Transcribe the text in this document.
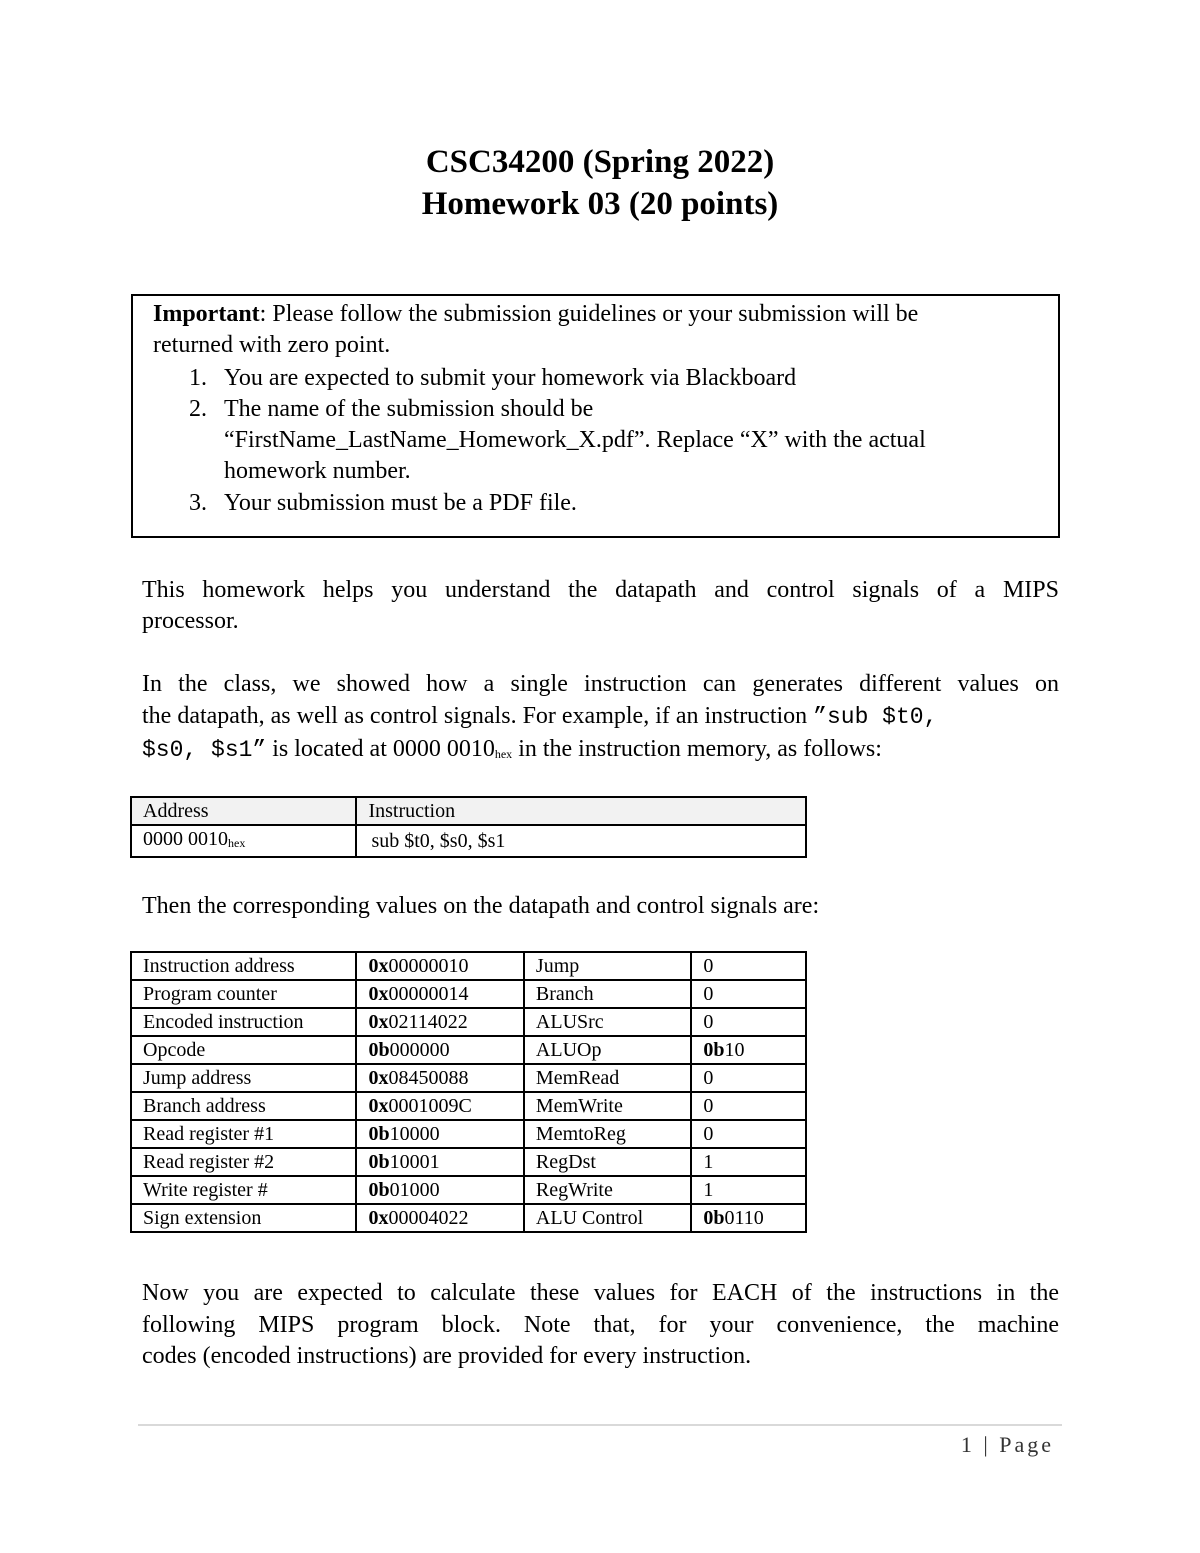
CSC34200 (Spring 2022)
Homework 03 (20 points)
Important: Please follow the submission guidelines or your submission will be
returned with zero point.
1. You are expected to submit your homework via Blackboard
2. The name of the submission should be
“FirstName_LastName_Homework_X.pdf”. Replace “X” with the actual
homework number.
3. Your submission must be a PDF file.
This homework helps you understand the datapath and control signals of a MIPS
processor.
In the class, we showed how a single instruction can generates different values on
the datapath, as well as control signals. For example, if an instruction ”sub $t0,
$s0, $s1” is located at 0000 $0010_{hex}$ in the instruction memory, as follows:
Address	Instruction
0000 $0010_{hex}$	sub $t0, $s0, $s1
Then the corresponding values on the datapath and control signals are:
Instruction address	0x00000010	Jump	0
Program counter	0x00000014	Branch	0
Encoded instruction	0x02114022	ALUSrc	0
Opcode	0b000000	ALUOp	0b10
Jump address	0x08450088	MemRead	0
Branch address	0x0001009C	MemWrite	0
Read register #1	0b10000	MemtoReg	0
Read register #2	0b10001	RegDst	1
Write register #	0b01000	RegWrite	1
Sign extension	0x00004022	ALU Control	0b0110
Now you are expected to calculate these values for EACH of the instructions in the
following MIPS program block. Note that, for your convenience, the machine
codes (encoded instructions) are provided for every instruction.
1 | Page
